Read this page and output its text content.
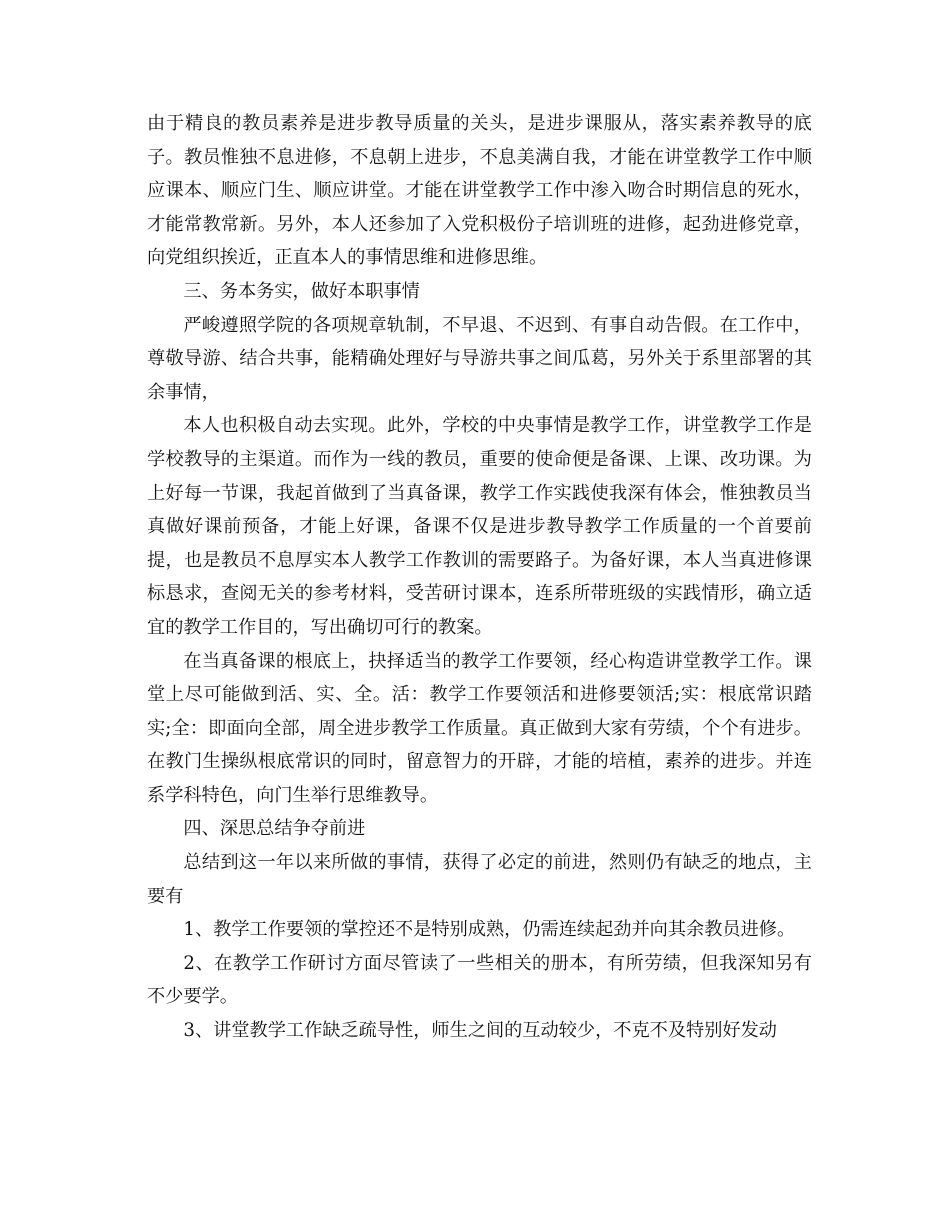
由于精良的教员素养是进步教导质量的关头，是进步课服从，落实素养教导的底子。教员惟独不息进修，不息朝上进步，不息美满自我，才能在讲堂教学工作中顺应课本、顺应门生、顺应讲堂。才能在讲堂教学工作中渗入吻合时期信息的死水，才能常教常新。另外，本人还参加了入党积极份子培训班的进修，起劲进修党章，向党组织挨近，正直本人的事情思维和进修思维。

三、务本务实，做好本职事情

严峻遵照学院的各项规章轨制，不早退、不迟到、有事自动告假。在工作中，尊敬导游、结合共事，能精确处理好与导游共事之间瓜葛，另外关于系里部署的其余事情，

本人也积极自动去实现。此外，学校的中央事情是教学工作，讲堂教学工作是学校教导的主渠道。而作为一线的教员，重要的使命便是备课、上课、改功课。为上好每一节课，我起首做到了当真备课，教学工作实践使我深有体会，惟独教员当真做好课前预备，才能上好课，备课不仅是进步教导教学工作质量的一个首要前提，也是教员不息厚实本人教学工作教训的需要路子。为备好课，本人当真进修课标恳求，查阅无关的参考材料，受苦研讨课本，连系所带班级的实践情形，确立适宜的教学工作目的，写出确切可行的教案。

在当真备课的根底上，抉择适当的教学工作要领，经心构造讲堂教学工作。课堂上尽可能做到活、实、全。活：教学工作要领活和进修要领活;实：根底常识踏实;全：即面向全部，周全进步教学工作质量。真正做到大家有劳绩，个个有进步。在教门生操纵根底常识的同时，留意智力的开辟，才能的培植，素养的进步。并连系学科特色，向门生举行思维教导。

四、深思总结争夺前进

总结到这一年以来所做的事情，获得了必定的前进，然则仍有缺乏的地点，主要有

1、教学工作要领的掌控还不是特别成熟，仍需连续起劲并向其余教员进修。

2、在教学工作研讨方面尽管读了一些相关的册本，有所劳绩，但我深知另有不少要学。

3、讲堂教学工作缺乏疏导性，师生之间的互动较少，不克不及特别好发动
